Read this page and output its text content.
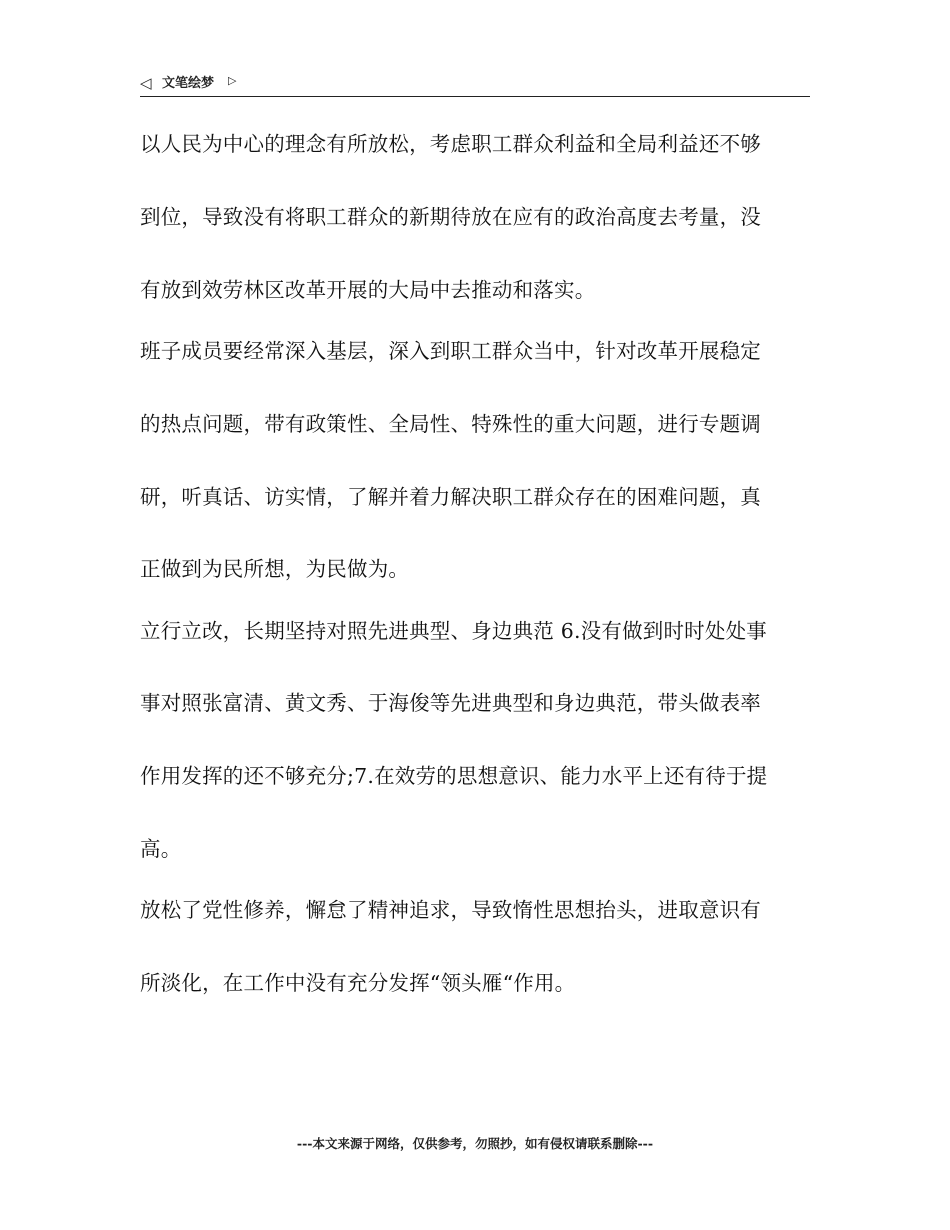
◁ 文笔绘梦 ▷
以人民为中心的理念有所放松，考虑职工群众利益和全局利益还不够
到位，导致没有将职工群众的新期待放在应有的政治高度去考量，没
有放到效劳林区改革开展的大局中去推动和落实。
班子成员要经常深入基层，深入到职工群众当中，针对改革开展稳定
的热点问题，带有政策性、全局性、特殊性的重大问题，进行专题调
研，听真话、访实情，了解并着力解决职工群众存在的困难问题，真
正做到为民所想，为民做为。
立行立改，长期坚持对照先进典型、身边典范 6.没有做到时时处处事
事对照张富清、黄文秀、于海俊等先进典型和身边典范，带头做表率
作用发挥的还不够充分;7.在效劳的思想意识、能力水平上还有待于提
高。
放松了党性修养，懈怠了精神追求，导致惰性思想抬头，进取意识有
所淡化，在工作中没有充分发挥“领头雁“作用。
---本文来源于网络，仅供参考，勿照抄，如有侵权请联系删除---
